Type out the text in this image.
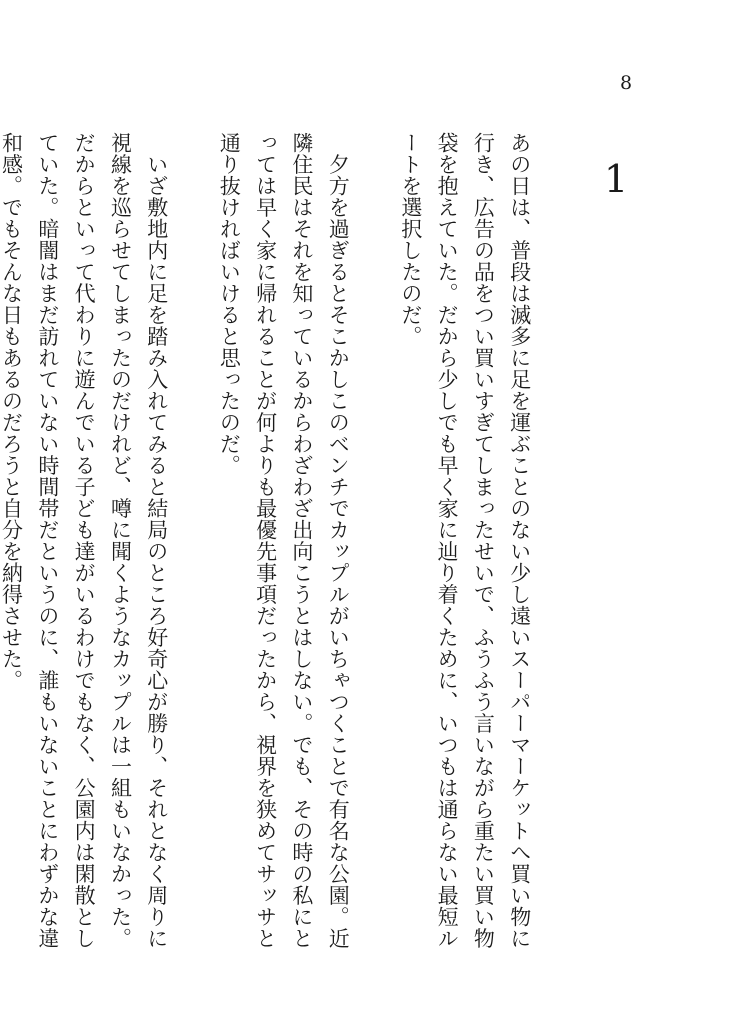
8
1

あの日は、普段は滅多に足を運ぶことのない少し遠いスーパーマーケットへ買い物に行き、広告の品をつい買いすぎてしまったせいで、ふうふう言いながら重たい買い物袋を抱えていた。だから少しでも早く家に辿り着くために、いつもは通らない最短ルートを選択したのだ。

　夕方を過ぎるとそこかしこのベンチでカップルがいちゃつくことで有名な公園。近隣住民はそれを知っているからわざわざ出向こうとはしない。でも、その時の私にとっては早く家に帰れることが何よりも最優先事項だったから、視界を狭めてサッサと通り抜ければいけると思ったのだ。

　いざ敷地内に足を踏み入れてみると結局のところ好奇心が勝り、それとなく周りに視線を巡らせてしまったのだけれど、噂に聞くようなカップルは一組もいなかった。だからといって代わりに遊んでいる子ども達がいるわけでもなく、公園内は閑散としていた。暗闇はまだ訪れていない時間帯だというのに、誰もいないことにわずかな違和感。でもそんな日もあるのだろうと自分を納得させた。
